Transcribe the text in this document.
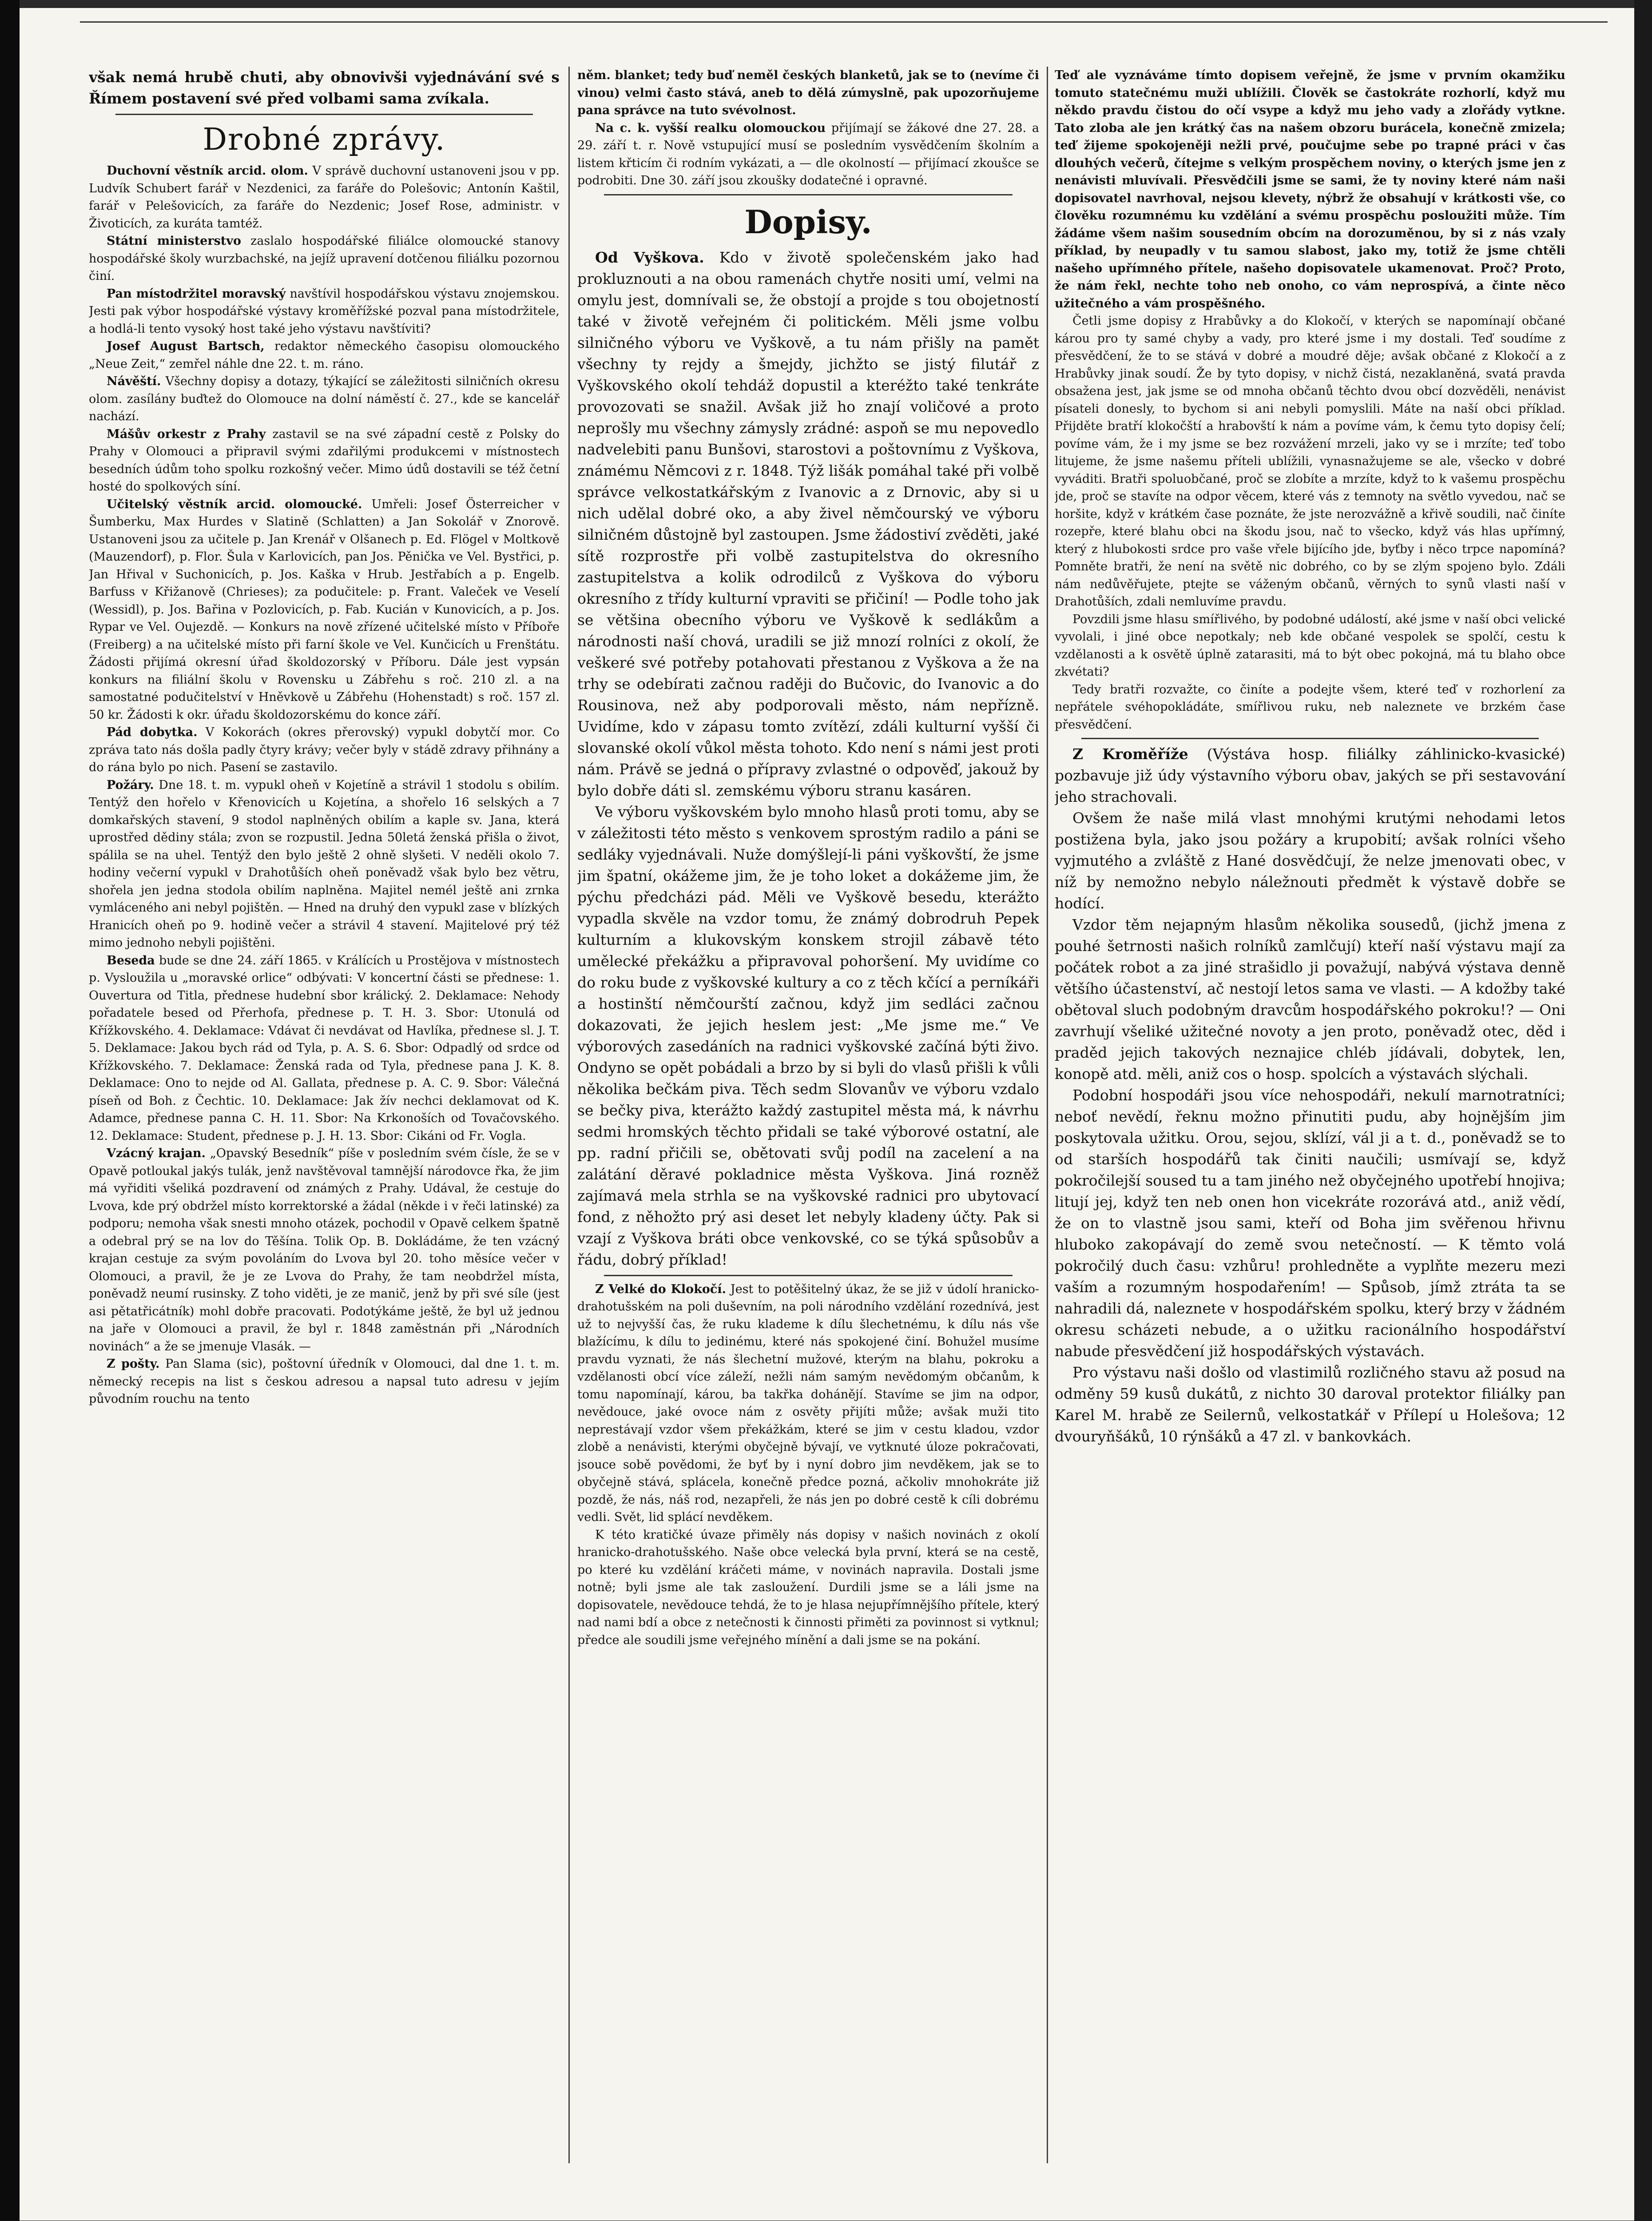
však nemá hrubě chuti, aby obnovivši vyjednávání své s Římem postavení své před volbami sama zvíkala.

Drobné zprávy.

Duchovní věstník arcid. olom. V správě duchovní ustanoveni jsou v pp. Ludvík Schubert farář v Nezdenici, za faráře do Polešovic; Antonín Kaštil, farář v Pelešovicích, za faráře do Nezdenic; Josef Rose, administr. v Životicích, za kuráta tamtéž.

Státní ministerstvo zaslalo hospodářské filiálce olomoucké stanovy hospodářské školy wurzbachské, na jejíž upravení dotčenou filiálku pozornou činí.

Pan místodržitel moravský navštívil hospodářskou výstavu znojemskou. Jesti pak výbor hospodářské výstavy kroměřížské pozval pana místodržitele, a hodlá-li tento vysoký host také jeho výstavu navštíviti?

Josef August Bartsch, redaktor německého časopisu olomouckého „Neue Zeit,“ zemřel náhle dne 22. t. m. ráno.

Návěští. Všechny dopisy a dotazy, týkající se záležitosti silničních okresu olom. zasílány buďtež do Olomouce na dolní náměstí č. 27., kde se kancelář nachází.

Mášův orkestr z Prahy zastavil se na své západní cestě z Polsky do Prahy v Olomouci a připravil svými zdařilými produkcemi v místnostech besedních údům toho spolku rozkošný večer. Mimo údů dostavili se též četní hosté do spolkových síní.

Učitelský věstník arcid. olomoucké. Umřeli: Josef Österreicher v Šumberku, Max Hurdes v Slatině (Schlatten) a Jan Sokolář v Znorově. Ustanoveni jsou za učitele p. Jan Krenář v Olšanech p. Ed. Flögel v Moltkově (Mauzendorf), p. Flor. Šula v Karlovicích, pan Jos. Pěnička ve Vel. Bystřici, p. Jan Hřival v Suchonicích, p. Jos. Kaška v Hrub. Jestřabích a p. Engelb. Barfuss v Křižanově (Chrieses); za podučitele: p. Frant. Valeček ve Veselí (Wessidl), p. Jos. Bařina v Pozlovicích, p. Fab. Kucián v Kunovicích, a p. Jos. Rypar ve Vel. Oujezdě. — Konkurs na nově zřízené učitelské místo v Příboře (Freiberg) a na učitelské místo při farní škole ve Vel. Kunčicích u Frenštátu. Žádosti přijímá okresní úřad školdozorský v Příboru. Dále jest vypsán konkurs na filiální školu v Rovensku u Zábřehu s roč. 210 zl. a na samostatné podučitelství v Hněvkově u Zábřehu (Hohenstadt) s roč. 157 zl. 50 kr. Žádosti k okr. úřadu školdozorskému do konce září.

Pád dobytka. V Kokorách (okres přerovský) vypukl dobytčí mor. Co zpráva tato nás došla padly čtyry krávy; večer byly v stádě zdravy přihnány a do rána bylo po nich. Pasení se zastavilo.

Požáry. Dne 18. t. m. vypukl oheň v Kojetíně a strávil 1 stodolu s obilím. Tentýž den hořelo v Křenovicích u Kojetína, a shořelo 16 selských a 7 domkařských stavení, 9 stodol naplněných obilím a kaple sv. Jana, která uprostřed dědiny stála; zvon se rozpustil. Jedna 50letá ženská přišla o život, spálila se na uhel. Tentýž den bylo ještě 2 ohně slyšeti. V neděli okolo 7. hodiny večerní vypukl v Drahotůších oheň poněvadž však bylo bez větru, shořela jen jedna stodola obilím naplněna. Majitel nemél ještě ani zrnka vymláceného ani nebyl pojištěn. — Hned na druhý den vypukl zase v blízkých Hranicích oheň po 9. hodině večer a strávil 4 stavení. Majitelové prý též mimo jednoho nebyli pojištěni.

Beseda bude se dne 24. září 1865. v Králících u Prostějova v místnostech p. Vysloužila u „moravské orlice“ odbývati: V koncertní části se přednese: 1. Ouvertura od Titla, přednese hudební sbor králický. 2. Deklamace: Nehody pořadatele besed od Přerhofa, přednese p. T. H. 3. Sbor: Utonulá od Křížkovského. 4. Deklamace: Vdávat či nevdávat od Havlíka, přednese sl. J. T. 5. Deklamace: Jakou bych rád od Tyla, p. A. S. 6. Sbor: Odpadlý od srdce od Křížkovského. 7. Deklamace: Ženská rada od Tyla, přednese pana J. K. 8. Deklamace: Ono to nejde od Al. Gallata, přednese p. A. C. 9. Sbor: Válečná píseň od Boh. z Čechtic. 10. Deklamace: Jak žív nechci deklamovat od K. Adamce, přednese panna C. H. 11. Sbor: Na Krkonoších od Tovačovského. 12. Deklamace: Student, přednese p. J. H. 13. Sbor: Cikáni od Fr. Vogla.

Vzácný krajan. „Opavský Besedník“ píše v posledním svém čísle, že se v Opavě potloukal jakýs tulák, jenž navštěvoval tamnější národovce řka, že jim má vyřiditi všeliká pozdravení od známých z Prahy. Udával, že cestuje do Lvova, kde prý obdržel místo korrektorské a žádal (někde i v řeči latinské) za podporu; nemoha však snesti mnoho otázek, pochodil v Opavě celkem špatně a odebral prý se na lov do Těšína. Tolik Op. B. Dokládáme, že ten vzácný krajan cestuje za svým povoláním do Lvova byl 20. toho měsíce večer v Olomouci, a pravil, že je ze Lvova do Prahy, že tam neobdržel místa, poněvadž neumí rusinsky. Z toho viděti, je ze manič, jenž by při své síle (jest asi pětatřicátník) mohl dobře pracovati. Podotýkáme ještě, že byl už jednou na jaře v Olomouci a pravil, že byl r. 1848 zaměstnán při „Národních novinách“ a že se jmenuje Vlasák. —

Z pošty. Pan Slama (sic), poštovní úředník v Olomouci, dal dne 1. t. m. německý recepis na list s českou adresou a napsal tuto adresu v jejím původním rouchu na tento

něm. blanket; tedy buď neměl českých blanketů, jak se to (nevíme či vinou) velmi často stává, aneb to dělá zúmyslně, pak upozorňujeme pana správce na tuto svévolnost.

Na c. k. vyšší realku olomouckou přijímají se žákové dne 27. 28. a 29. září t. r. Nově vstupující musí se posledním vysvědčením školním a listem křticím či rodním vykázati, a — dle okolností — přijímací zkoušce se podrobiti. Dne 30. září jsou zkoušky dodatečné i opravné.

Dopisy.

Od Vyškova. Kdo v životě společenském jako had prokluznouti a na obou ramenách chytře nositi umí, velmi na omylu jest, domnívali se, že obstojí a projde s tou obojetností také v životě veřejném či politickém. Měli jsme volbu silničného výboru ve Vyškově, a tu nám přišly na pamět všechny ty rejdy a šmejdy, jichžto se jistý filutář z Vyškovského okolí tehdáž dopustil a kteréžto také tenkráte provozovati se snažil. Avšak již ho znají voličové a proto neprošly mu všechny zámysly zrádné: aspoň se mu nepovedlo nadvelebiti panu Bunšovi, starostovi a poštovnímu z Vyškova, známému Němcovi z r. 1848. Týž lišák pomáhal také při volbě správce velkostatkářským z Ivanovic a z Drnovic, aby si u nich udělal dobré oko, a aby živel němčourský ve výboru silničném důstojně byl zastoupen. Jsme žádostiví zvěděti, jaké sítě rozprostře při volbě zastupitelstva do okresního zastupitelstva a kolik odrodilců z Vyškova do výboru okresního z třídy kulturní vpraviti se přičiní! — Podle toho jak se většina obecního výboru ve Vyškově k sedlákům a národnosti naší chová, uradili se již mnozí rolníci z okolí, že veškeré své potřeby potahovati přestanou z Vyškova a že na trhy se odebírati začnou raději do Bučovic, do Ivanovic a do Rousinova, než aby podporovali město, nám nepřízně. Uvidíme, kdo v zápasu tomto zvítězí, zdáli kulturní vyšší či slovanské okolí vůkol města tohoto. Kdo není s námi jest proti nám. Právě se jedná o přípravy zvlastné o odpověď, jakouž by bylo dobře dáti sl. zemskému výboru stranu kasáren.

Ve výboru vyškovském bylo mnoho hlasů proti tomu, aby se v záležitosti této město s venkovem sprostým radilo a páni se sedláky vyjednávali. Nuže domýšlejí-li páni vyškovští, že jsme jim špatní, okážeme jim, že je toho loket a dokážeme jim, že pýchu předcházi pád. Měli ve Vyškově besedu, kterážto vypadla skvěle na vzdor tomu, že známý dobrodruh Pepek kulturním a klukovským konskem strojil zábavě této umělecké překážku a připravoval pohoršení. My uvidíme co do roku bude z vyškovské kultury a co z těch kčící a perníkáři a hostinští němčourští začnou, když jim sedláci začnou dokazovati, že jejich heslem jest: „Me jsme me.“ Ve výborových zasedáních na radnici vyškovské začíná býti živo. Ondyno se opět pobádali a brzo by si byli do vlasů přišli k vůli několika bečkám piva. Těch sedm Slovanův ve výboru vzdalo se bečky piva, kterážto každý zastupitel města má, k návrhu sedmi hromských těchto přidali se také výborové ostatní, ale pp. radní přičili se, obětovati svůj podíl na zacelení a na zalátání děravé pokladnice města Vyškova. Jiná rozněž zajímavá mela strhla se na vyškovské radnici pro ubytovací fond, z něhožto prý asi deset let nebyly kladeny účty. Pak si vzají z Vyškova bráti obce venkovské, co se týká spůsobův a řádu, dobrý příklad!

Z Velké do Klokočí. Jest to potěšitelný úkaz, že se již v údolí hranicko-drahotušském na poli duševním, na poli národního vzdělání rozednívá, jest už to nejvyšší čas, že ruku klademe k dílu šlechetnému, k dílu nás vše blažícímu, k dílu to jedinému, které nás spokojené činí. Bohužel musíme pravdu vyznati, že nás šlechetní mužové, kterým na blahu, pokroku a vzdělanosti obcí více záleží, nežli nám samým nevědomým občanům, k tomu napomínají, károu, ba takřka dohánějí. Stavíme se jim na odpor, nevědouce, jaké ovoce nám z osvěty přijíti může; avšak muži tito neprestávají vzdor všem překážkám, které se jim v cestu kladou, vzdor zlobě a nenávisti, kterými obyčejně bývají, ve vytknuté úloze pokračovati, jsouce sobě povědomi, že byť by i nyní dobro jim nevděkem, jak se to obyčejně stává, splácela, konečně předce pozná, ačkoliv mnohokráte již pozdě, že nás, náš rod, nezapřeli, že nás jen po dobré cestě k cíli dobrému vedli. Svět, lid splácí nevděkem.

K této kratičké úvaze přiměly nás dopisy v našich novinách z okolí hranicko-drahotušského. Naše obce velecká byla první, která se na cestě, po které ku vzdělání kráčeti máme, v novinách napravila. Dostali jsme notně; byli jsme ale tak zasloužení. Durdili jsme se a láli jsme na dopisovatele, nevědouce tehdá, že to je hlasa nejupřímnějšího přítele, který nad nami bdí a obce z netečnosti k činnosti přiměti za povinnost si vytknul; předce ale soudili jsme veřejného mínění a dali jsme se na pokání.

Teď ale vyznáváme tímto dopisem veřejně, že jsme v prvním okamžiku tomuto statečnému muži ublížili. Člověk se častokráte rozhorlí, když mu někdo pravdu čistou do očí vsype a když mu jeho vady a zlořády vytkne. Tato zloba ale jen krátký čas na našem obzoru burácela, konečně zmizela; teď žijeme spokojeněji nežli prvé, poučujme sebe po trapné práci v čas dlouhých večerů, čítejme s velkým prospěchem noviny, o kterých jsme jen z nenávisti mluvívali. Přesvědčili jsme se sami, že ty noviny které nám naši dopisovatel navrhoval, nejsou klevety, nýbrž že obsahují v krátkosti vše, co člověku rozumnému ku vzdělání a svému prospěchu posloužiti může. Tím žádáme všem našim sousedním obcím na dorozuměnou, by si z nás vzaly příklad, by neupadly v tu samou slabost, jako my, totiž že jsme chtěli našeho upřímného přítele, našeho dopisovatele ukamenovat. Proč? Proto, že nám řekl, nechte toho neb onoho, co vám neprospívá, a činte něco užitečného a vám prospěšného.

Četli jsme dopisy z Hrabůvky a do Klokočí, v kterých se napomínají občané károu pro ty samé chyby a vady, pro které jsme i my dostali. Teď soudíme z přesvědčení, že to se stává v dobré a moudré děje; avšak občané z Klokočí a z Hrabůvky jinak soudí. Že by tyto dopisy, v nichž čistá, nezaklaněná, svatá pravda obsažena jest, jak jsme se od mnoha občanů těchto dvou obcí dozvěděli, nenávist písateli donesly, to bychom si ani nebyli pomyslili. Máte na naší obci příklad. Přijděte bratří klokočští a hrabovští k nám a povíme vám, k čemu tyto dopisy čelí; povíme vám, že i my jsme se bez rozvážení mrzeli, jako vy se i mrzíte; teď tobo litujeme, že jsme našemu příteli ublížili, vynasnažujeme se ale, všecko v dobré vyváditi. Bratři spoluobčané, proč se zlobíte a mrzíte, když to k vašemu prospěchu jde, proč se stavíte na odpor věcem, které vás z temnoty na světlo vyvedou, nač se horšite, když v krátkém čase poznáte, že jste nerozvážně a křivě soudili, nač činíte rozepře, které blahu obci na škodu jsou, nač to všecko, když vás hlas upřímný, který z hlubokosti srdce pro vaše vřele bijícího jde, byťby i něco trpce napomíná? Pomněte bratři, že není na světě nic dobrého, co by se zlým spojeno bylo. Zdáli nám nedůvěřujete, ptejte se váženým občanů, věrných to synů vlasti naší v Drahotůších, zdali nemluvíme pravdu.

Povzdili jsme hlasu smířlivého, by podobné událostí, aké jsme v naší obci velické vyvolali, i jiné obce nepotkaly; neb kde občané vespolek se spolčí, cestu k vzdělanosti a k osvětě úplně zatarasiti, má to být obec pokojná, má tu blaho obce zkvétati?

Tedy bratři rozvažte, co činíte a podejte všem, které teď v rozhorlení za nepřátele svéhopokládáte, smířlivou ruku, neb naleznete ve brzkém čase přesvědčení.

Z Kroměříže (Výstáva hosp. filiálky záhlinicko-kvasické) pozbavuje již údy výstavního výboru obav, jakých se při sestavování jeho strachovali.

Ovšem že naše milá vlast mnohými krutými nehodami letos postižena byla, jako jsou požáry a krupobití; avšak rolníci všeho vyjmutého a zvláště z Hané dosvědčují, že nelze jmenovati obec, v níž by nemožno nebylo náležnouti předmět k výstavě dobře se hodící.

Vzdor těm nejapným hlasům několika sousedů, (jichž jmena z pouhé šetrnosti našich rolníků zamlčují) kteří naší výstavu mají za počátek robot a za jiné strašidlo ji považují, nabývá výstava denně většího účastenství, ač nestojí letos sama ve vlasti. — A kdožby také obětoval sluch podobným dravcům hospodářského pokroku!? — Oni zavrhují všeliké užitečné novoty a jen proto, poněvadž otec, děd i praděd jejich takových neznajice chléb jídávali, dobytek, len, konopě atd. měli, aniž cos o hosp. spolcích a výstavách slýchali.

Podobní hospodáři jsou více nehospodáři, nekulí marnotratníci; neboť nevědí, řeknu možno přinutiti pudu, aby hojnějším jim poskytovala užitku. Orou, sejou, sklízí, vál ji a t. d., poněvadž se to od starších hospodářů tak činiti naučili; usmívají se, když pokročilejší soused tu a tam jiného než obyčejného upotřebí hnojiva; litují jej, když ten neb onen hon vicekráte rozorává atd., aniž vědí, že on to vlastně jsou sami, kteří od Boha jim svěřenou hřivnu hluboko zakopávají do země svou netečností. — K těmto volá pokročilý duch času: vzhůru! prohledněte a vyplňte mezeru mezi vaším a rozumným hospodařením! — Spůsob, jímž ztráta ta se nahradili dá, naleznete v hospodářském spolku, který brzy v žádném okresu scházeti nebude, a o užitku racionálního hospodářství nabude přesvědčení již hospodářských výstavách.

Pro výstavu naši došlo od vlastimilů rozličného stavu až posud na odměny 59 kusů dukátů, z nichto 30 daroval protektor filiálky pan Karel M. hrabě ze Seilernů, velkostatkář v Přílepí u Holešova; 12 dvouryňšáků, 10 rýnšáků a 47 zl. v bankovkách.
